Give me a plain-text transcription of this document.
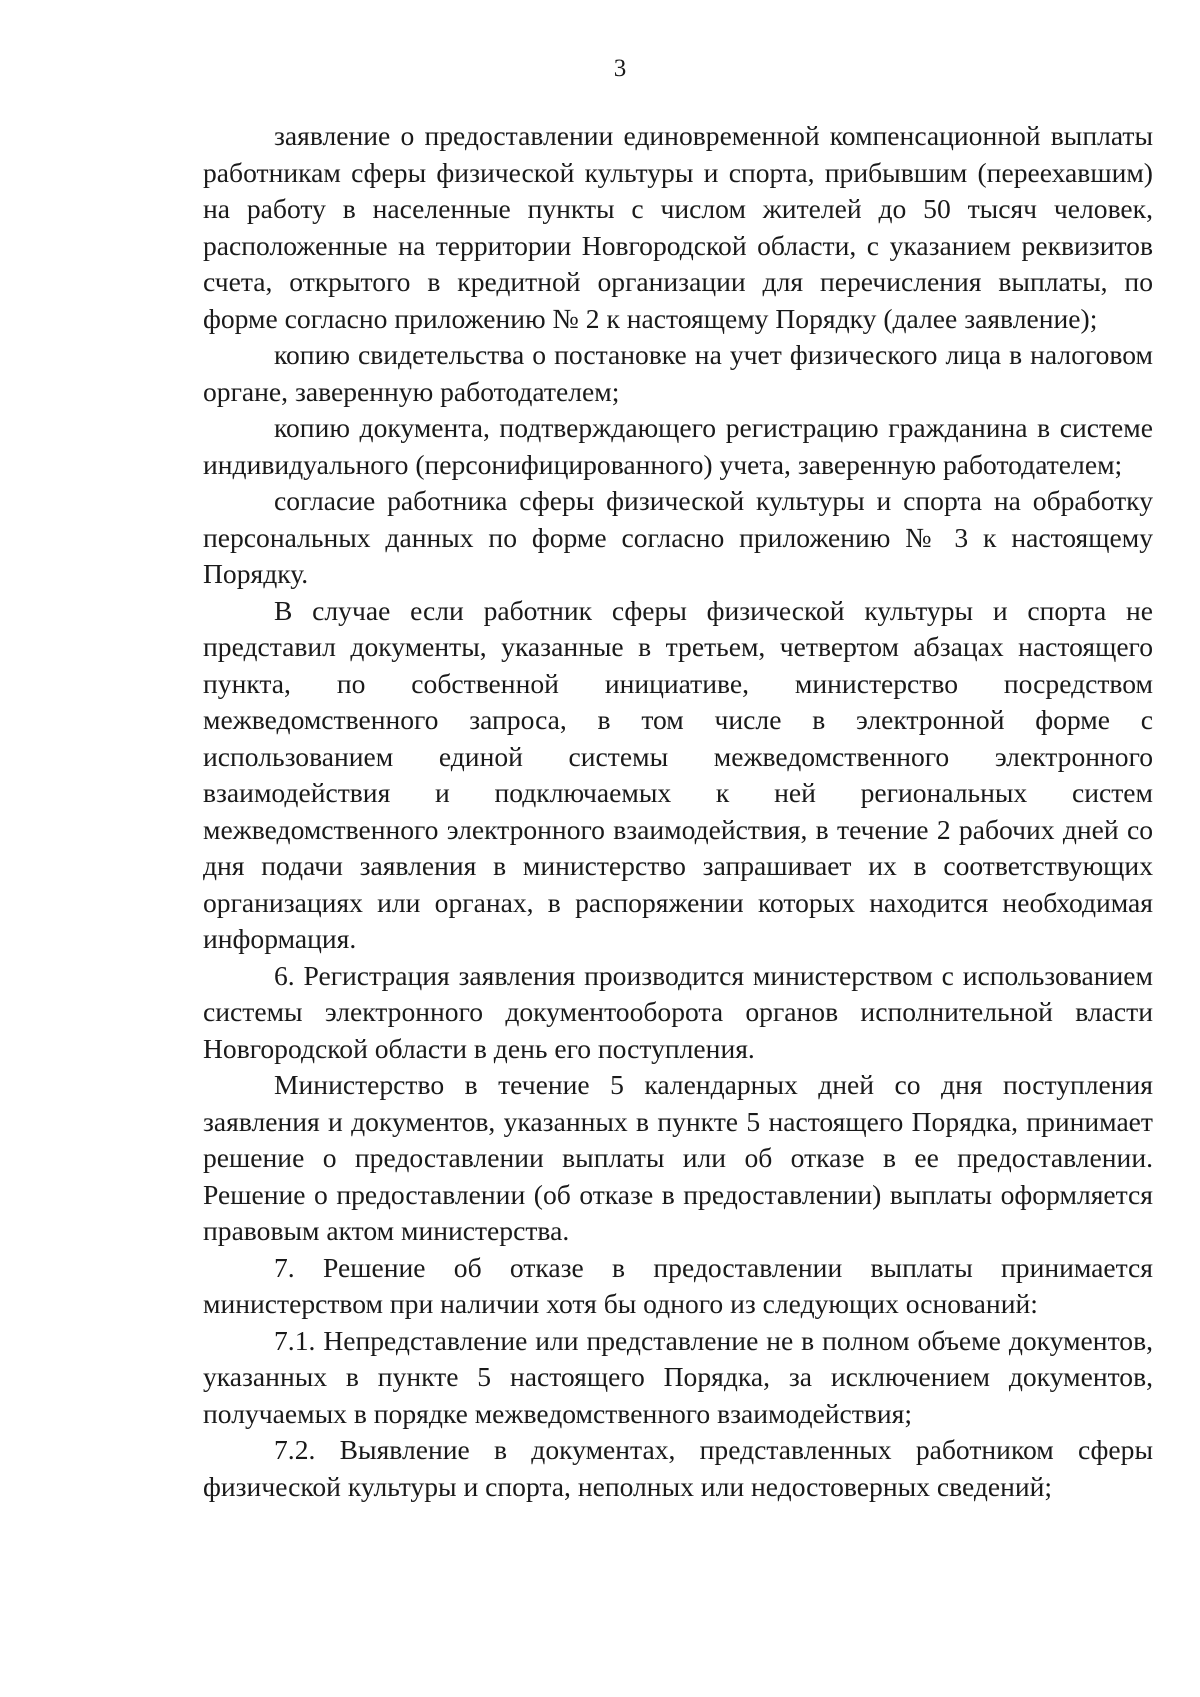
3

заявление о предоставлении единовременной компенсационной выплаты работникам сферы физической культуры и спорта, прибывшим (переехавшим) на работу в населенные пункты с числом жителей до 50 тысяч человек, расположенные на территории Новгородской области, с указанием реквизитов счета, открытого в кредитной организации для перечисления выплаты, по форме согласно приложению № 2 к настоящему Порядку (далее заявление);

копию свидетельства о постановке на учет физического лица в налоговом органе, заверенную работодателем;

копию документа, подтверждающего регистрацию гражданина в системе индивидуального (персонифицированного) учета, заверенную работодателем;

согласие работника сферы физической культуры и спорта на обработку персональных данных по форме согласно приложению № 3 к настоящему Порядку.

В случае если работник сферы физической культуры и спорта не представил документы, указанные в третьем, четвертом абзацах настоящего пункта, по собственной инициативе, министерство посредством межведомственного запроса, в том числе в электронной форме с использованием единой системы межведомственного электронного взаимодействия и подключаемых к ней региональных систем межведомственного электронного взаимодействия, в течение 2 рабочих дней со дня подачи заявления в министерство запрашивает их в соответствующих организациях или органах, в распоряжении которых находится необходимая информация.

6. Регистрация заявления производится министерством с использованием системы электронного документооборота органов исполнительной власти Новгородской области в день его поступления.

Министерство в течение 5 календарных дней со дня поступления заявления и документов, указанных в пункте 5 настоящего Порядка, принимает решение о предоставлении выплаты или об отказе в ее предоставлении. Решение о предоставлении (об отказе в предоставлении) выплаты оформляется правовым актом министерства.

7. Решение об отказе в предоставлении выплаты принимается министерством при наличии хотя бы одного из следующих оснований:

7.1. Непредставление или представление не в полном объеме документов, указанных в пункте 5 настоящего Порядка, за исключением документов, получаемых в порядке межведомственного взаимодействия;

7.2. Выявление в документах, представленных работником сферы физической культуры и спорта, неполных или недостоверных сведений;
